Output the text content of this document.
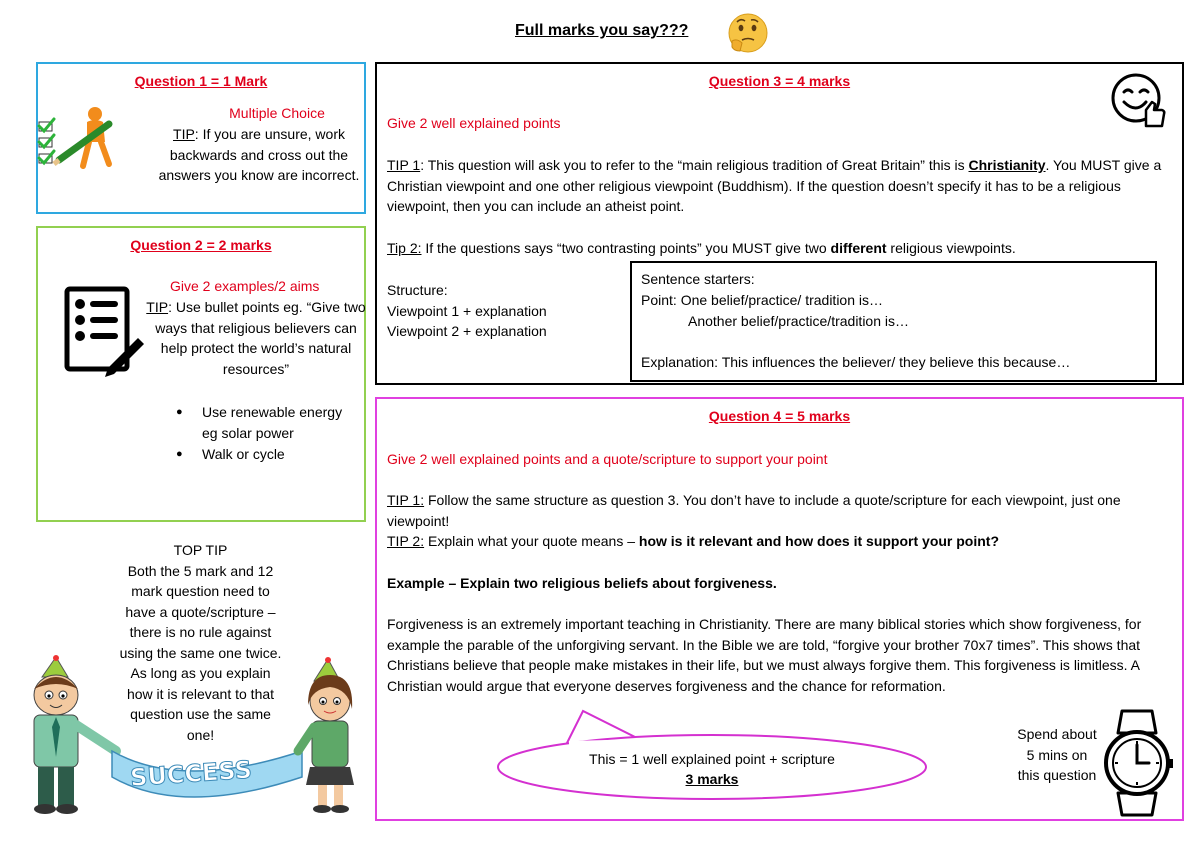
Full marks you say???
Question 1 = 1 Mark
Multiple Choice
TIP: If you are unsure, work backwards and cross out the answers you know are incorrect.
Question 2 = 2 marks
Give 2 examples/2 aims
TIP: Use bullet points eg. “Give two ways that religious believers can help protect the world’s natural resources”
● Use renewable energy eg solar power
● Walk or cycle
TOP TIP
Both the 5 mark and 12
mark question need to
have a quote/scripture –
there is no rule against
using the same one twice.
As long as you explain
how it is relevant to that
question use the same
one!
SUCCESS
Question 3 = 4 marks
Give 2 well explained points
TIP 1: This question will ask you to refer to the “main religious tradition of Great Britain” this is Christianity. You MUST give a Christian viewpoint and one other religious viewpoint (Buddhism). If the question doesn’t specify it has to be a religious viewpoint, then you can include an atheist point.
Tip 2: If the questions says “two contrasting points” you MUST give two different religious viewpoints.
Structure:
Viewpoint 1 + explanation
Viewpoint 2 + explanation
Sentence starters:
Point: One belief/practice/ tradition is…
Another belief/practice/tradition is…
Explanation: This influences the believer/ they believe this because…
Question 4 = 5 marks
Give 2 well explained points and a quote/scripture to support your point
TIP 1: Follow the same structure as question 3. You don’t have to include a quote/scripture for each viewpoint, just one viewpoint!
TIP 2: Explain what your quote means – how is it relevant and how does it support your point?
Example – Explain two religious beliefs about forgiveness.
Forgiveness is an extremely important teaching in Christianity. There are many biblical stories which show forgiveness, for example the parable of the unforgiving servant. In the Bible we are told, “forgive your brother 70x7 times”. This shows that Christians believe that people make mistakes in their life, but we must always forgive them. This forgiveness is limitless. A Christian would argue that everyone deserves forgiveness and the chance for reformation.
This = 1 well explained point + scripture
3 marks
Spend about
5 mins on
this question
